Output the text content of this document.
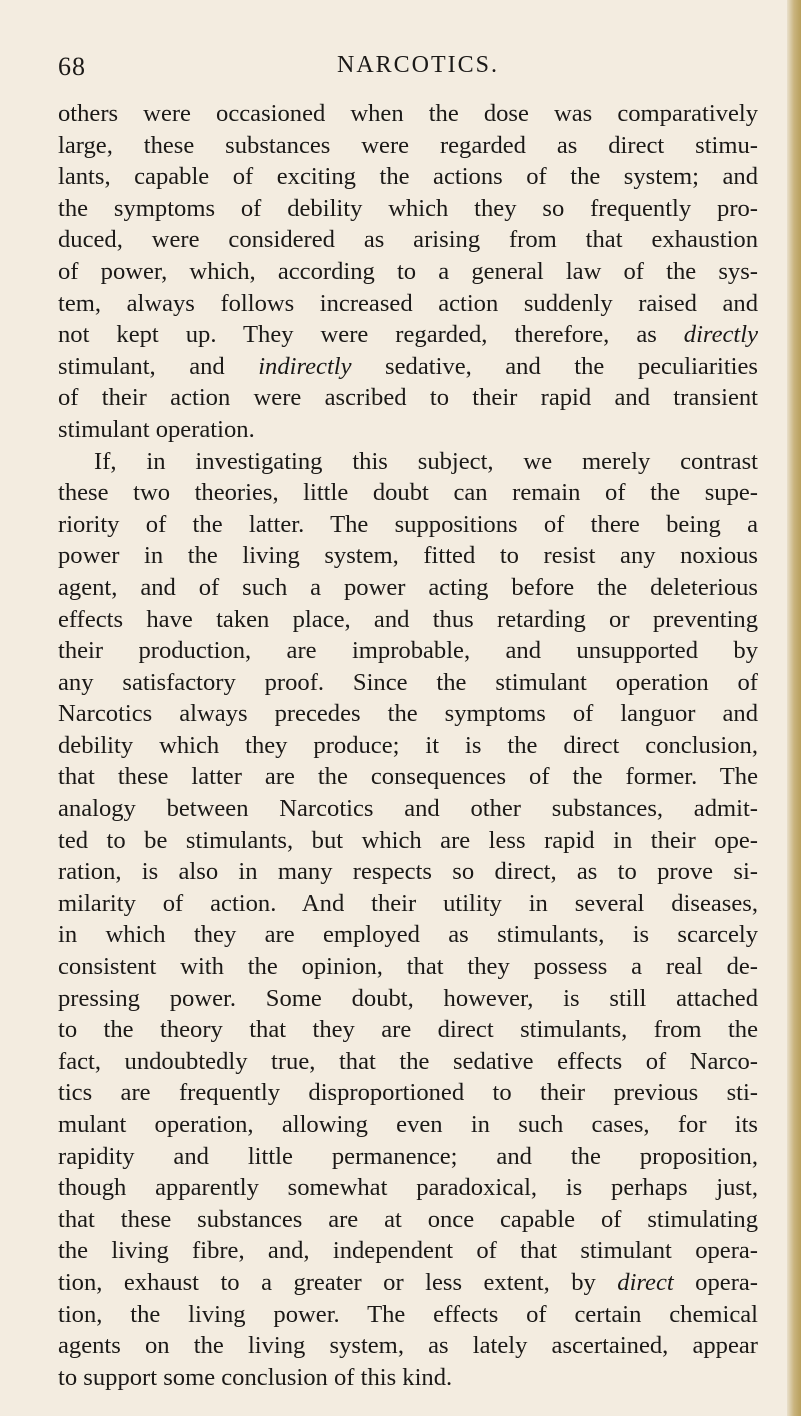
68	NARCOTICS.
others were occasioned when the dose was comparatively
large, these substances were regarded as direct stimu-
lants, capable of exciting the actions of the system; and
the symptoms of debility which they so frequently pro-
duced, were considered as arising from that exhaustion
of power, which, according to a general law of the sys-
tem, always follows increased action suddenly raised and
not kept up. They were regarded, therefore, as directly
stimulant, and indirectly sedative, and the peculiarities
of their action were ascribed to their rapid and transient
stimulant operation.
If, in investigating this subject, we merely contrast
these two theories, little doubt can remain of the supe-
riority of the latter. The suppositions of there being a
power in the living system, fitted to resist any noxious
agent, and of such a power acting before the deleterious
effects have taken place, and thus retarding or preventing
their production, are improbable, and unsupported by
any satisfactory proof. Since the stimulant operation of
Narcotics always precedes the symptoms of languor and
debility which they produce; it is the direct conclusion,
that these latter are the consequences of the former. The
analogy between Narcotics and other substances, admit-
ted to be stimulants, but which are less rapid in their ope-
ration, is also in many respects so direct, as to prove si-
milarity of action. And their utility in several diseases,
in which they are employed as stimulants, is scarcely
consistent with the opinion, that they possess a real de-
pressing power. Some doubt, however, is still attached
to the theory that they are direct stimulants, from the
fact, undoubtedly true, that the sedative effects of Narco-
tics are frequently disproportioned to their previous sti-
mulant operation, allowing even in such cases, for its
rapidity and little permanence; and the proposition,
though apparently somewhat paradoxical, is perhaps just,
that these substances are at once capable of stimulating
the living fibre, and, independent of that stimulant opera-
tion, exhaust to a greater or less extent, by direct opera-
tion, the living power. The effects of certain chemical
agents on the living system, as lately ascertained, appear
to support some conclusion of this kind.
